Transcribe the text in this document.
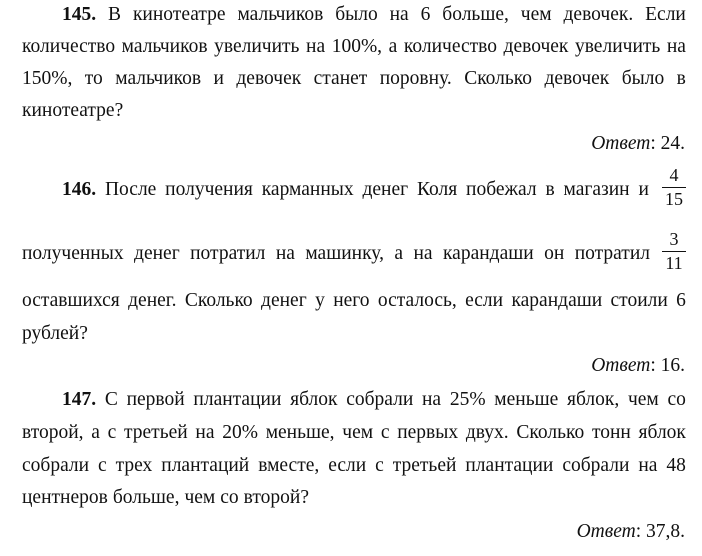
145. В кинотеатре мальчиков было на 6 больше, чем девочек. Если
количество мальчиков увеличить на 100%, а количество девочек увеличить на
150%, то мальчиков и девочек станет поровну. Сколько девочек было в
кинотеатре?
Ответ: 24.
146. После получения карманных денег Коля побежал в магазин и
4
15
полученных денег потратил на машинку, а на карандаши он потратил
3
11
оставшихся денег. Сколько денег у него осталось, если карандаши стоили 6
рублей?
Ответ: 16.
147. С первой плантации яблок собрали на 25% меньше яблок, чем со
второй, а с третьей на 20% меньше, чем с первых двух. Сколько тонн яблок
собрали с трех плантаций вместе, если с третьей плантации собрали на 48
центнеров больше, чем со второй?
Ответ: 37,8.
